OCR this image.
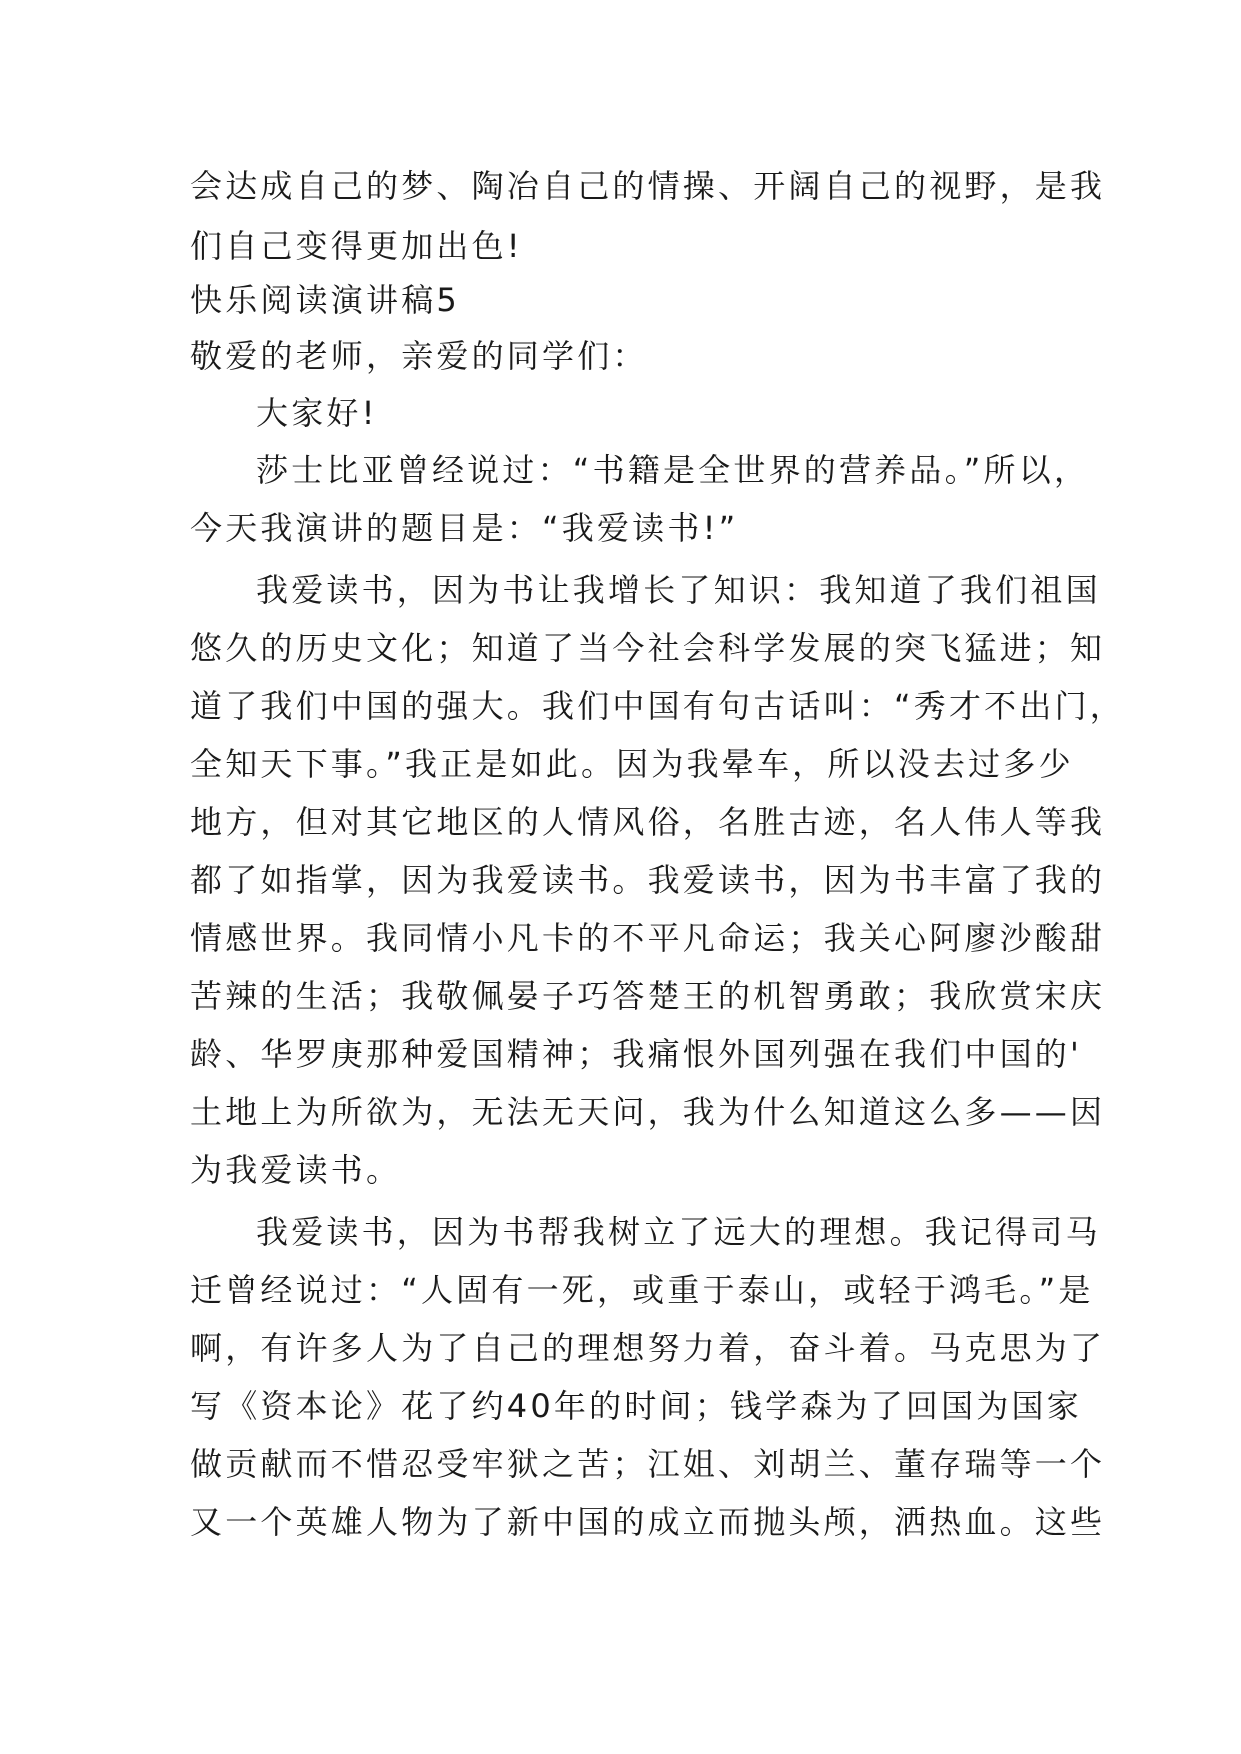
会达成自己的梦、陶冶自己的情操、开阔自己的视野，是我
们自己变得更加出色!
快乐阅读演讲稿5
敬爱的老师，亲爱的同学们：
大家好!
莎士比亚曾经说过：“书籍是全世界的营养品。”所以，
今天我演讲的题目是：“我爱读书!”
我爱读书，因为书让我增长了知识：我知道了我们祖国
悠久的历史文化；知道了当今社会科学发展的突飞猛进；知
道了我们中国的强大。我们中国有句古话叫：“秀才不出门，
全知天下事。”我正是如此。因为我晕车，所以没去过多少
地方，但对其它地区的人情风俗，名胜古迹，名人伟人等我
都了如指掌，因为我爱读书。我爱读书，因为书丰富了我的
情感世界。我同情小凡卡的不平凡命运；我关心阿廖沙酸甜
苦辣的生活；我敬佩晏子巧答楚王的机智勇敢；我欣赏宋庆
龄、华罗庚那种爱国精神；我痛恨外国列强在我们中国的'
土地上为所欲为，无法无天问，我为什么知道这么多——因
为我爱读书。
我爱读书，因为书帮我树立了远大的理想。我记得司马
迁曾经说过：“人固有一死，或重于泰山，或轻于鸿毛。”是
啊，有许多人为了自己的理想努力着，奋斗着。马克思为了
写《资本论》花了约40年的时间；钱学森为了回国为国家
做贡献而不惜忍受牢狱之苦；江姐、刘胡兰、董存瑞等一个
又一个英雄人物为了新中国的成立而抛头颅，洒热血。这些
